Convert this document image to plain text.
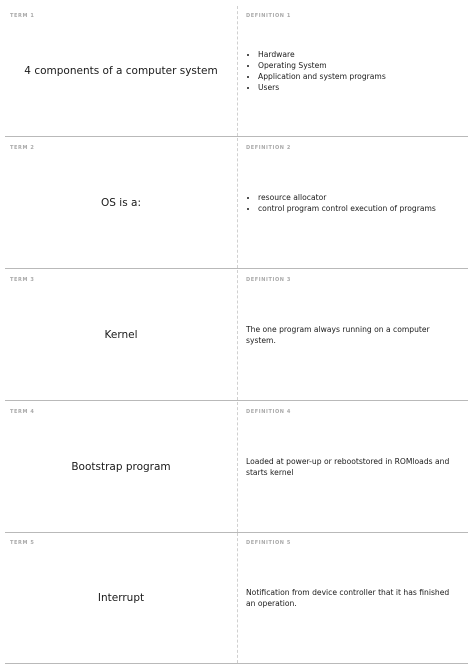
TERM 1
4 components of a computer system
DEFINITION 1
• Hardware
• Operating System
• Application and system programs
• Users
TERM 2
OS is a:
DEFINITION 2
• resource allocator
• control program control execution of programs
TERM 3
Kernel
DEFINITION 3

The one program always running on a computer system.

TERM 4
Bootstrap program
DEFINITION 4

Loaded at power-up or rebootstored in ROMloads and starts kernel

TERM 5
Interrupt
DEFINITION 5

Notification from device controller that it has finished an operation.
